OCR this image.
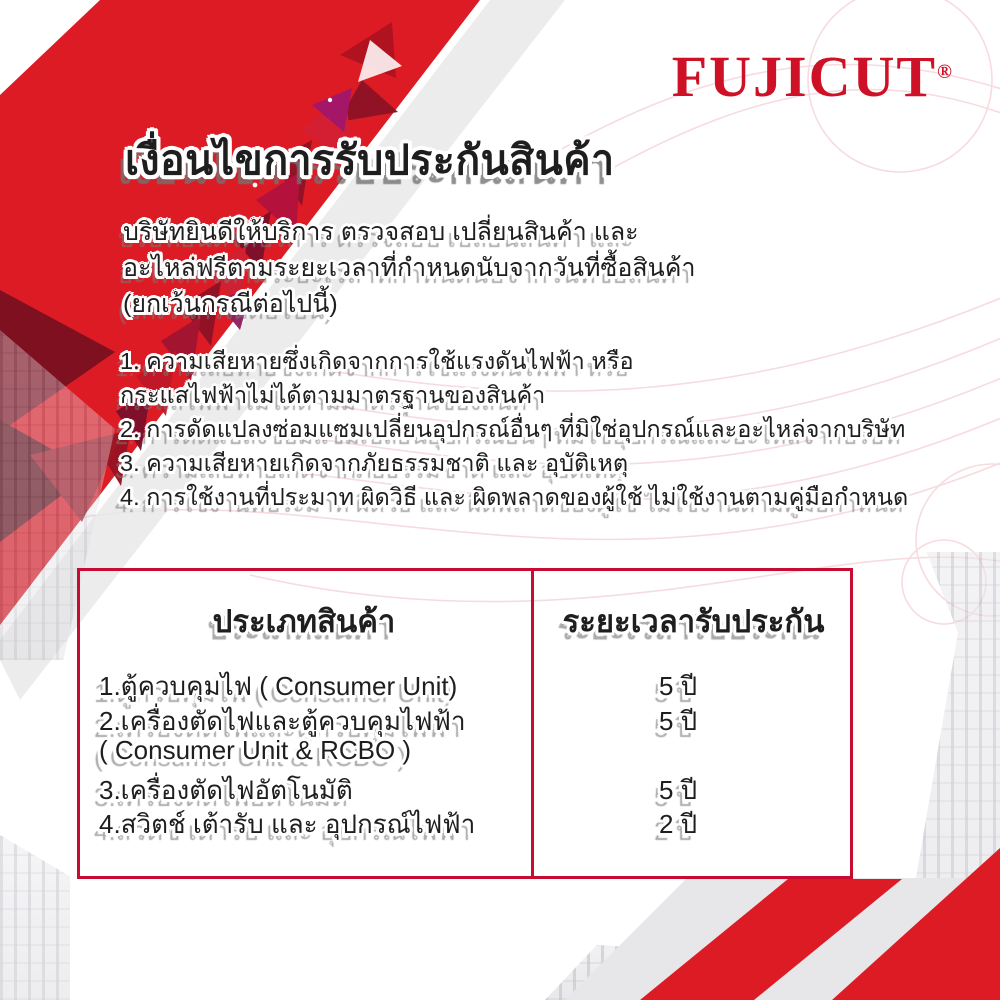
FUJICUT®
เงื่อนไขการรับประกันสินค้า
บริษัทยินดีให้บริการ ตรวจสอบ เปลี่ยนสินค้า และ
อะไหล่ฟรีตามระยะเวลาที่กำหนดนับจากวันที่ซื้อสินค้า
(ยกเว้นกรณีต่อไปนี้)
1. ความเสียหายซึ่งเกิดจากการใช้แรงดันไฟฟ้า หรือ
กระแสไฟฟ้าไม่ได้ตามมาตรฐานของสินค้า
2. การดัดแปลงซ่อมแซมเปลี่ยนอุปกรณ์อื่นๆ ที่มิใช่อุปกรณ์และอะไหล่จากบริษัท
3. ความเสียหายเกิดจากภัยธรรมชาติ และ อุบัติเหตุ
4. การใช้งานที่ประมาท ผิดวิธี และ ผิดพลาดของผู้ใช้ ไม่ใช้งานตามคู่มือกำหนด
ประเภทสินค้า	ระยะเวลารับประกัน
1.ตู้ควบคุมไฟ ( Consumer Unit)
2.เครื่องตัดไฟและตู้ควบคุมไฟฟ้า
( Consumer Unit & RCBO )
3.เครื่องตัดไฟอัตโนมัติ
4.สวิตช์ เต้ารับ และ อุปกรณ์ไฟฟ้า
5 ปี
5 ปี
5 ปี
2 ปี
